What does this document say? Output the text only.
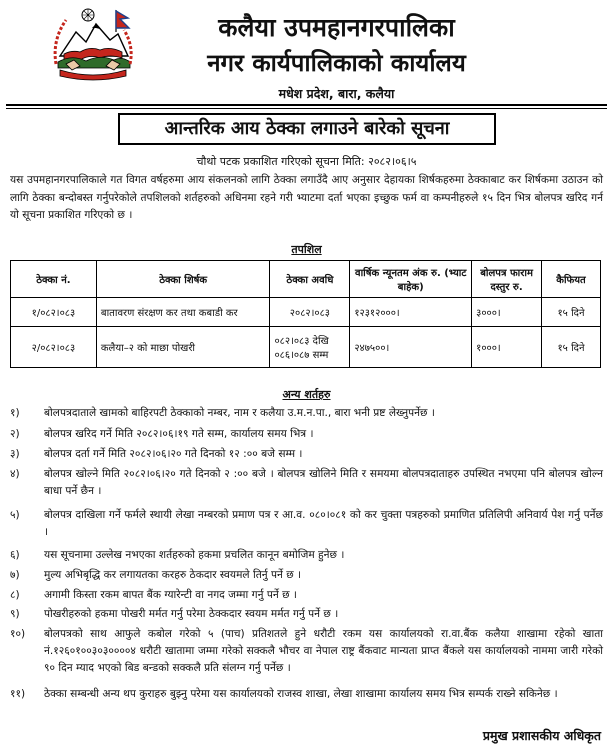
कलैया उपमहानगरपालिका
नगर कार्यपालिकाको कार्यालय
मधेश प्रदेश, बारा, कलैया
आन्तरिक आय ठेक्का लगाउने बारेको सूचना
चौथो पटक प्रकाशित गरिएको सूचना मिति: २०८२।०६।५
यस उपमहानगरपालिकाले गत विगत वर्षहरुमा आय संकलनको लागि ठेक्का लगाउँदै आए अनुसार देहायका शिर्षकहरुमा ठेक्काबाट कर शिर्षकमा उठाउन को लागि ठेक्का बन्दोबस्त गर्नुपरेकोले तपशिलको शर्तहरुको अधिनमा रहने गरी भ्याटमा दर्ता भएका इच्छुक फर्म वा कम्पनीहरुले १५ दिन भित्र बोलपत्र खरिद गर्न यो सूचना प्रकाशित गरिएको छ ।
तपशिल
ठेक्का नं.	ठेक्का शिर्षक	ठेक्का अवधि	वार्षिक न्यूनतम अंक रु. (भ्याट बाहेक)	बोलपत्र फाराम दस्तुर रु.	कैफियत
१/०८२।०८३	बातावरण संरक्षण कर तथा कबाडी कर	२०८२।०८३	१२३१२०००।	३०००।	१५ दिने
२/०८२।०८३	कलैया–२ को माछा पोखरी	०८२।०८३ देखि ०८६।०८७ सम्म	२४७५००।	१०००।	१५ दिने
अन्य शर्तहरु
१)	बोलपत्रदाताले खामको बाहिरपटी ठेक्काको नम्बर, नाम र कलैया उ.म.न.पा., बारा भनी प्रष्ट लेख्नुपर्नेछ ।
२)	बोलपत्र खरिद गर्ने मिति २०८२।०६।१९ गते सम्म, कार्यालय समय भित्र ।
३)	बोलपत्र दर्ता गर्ने मिति २०८२।०६।२० गते दिनको १२ :०० बजे सम्म ।
४)	बोलपत्र खोल्ने मिति २०८२।०६।२० गते दिनको २ :०० बजे । बोलपत्र खोलिने मिति र समयमा बोलपत्रदाताहरु उपस्थित नभएमा पनि बोलपत्र खोल्न बाधा पर्ने छैन ।
५)	बोलपत्र दाखिला गर्ने फर्मले स्थायी लेखा नम्बरको प्रमाण पत्र र आ.व. ०८०।०८१ को कर चुक्ता पत्रहरुको प्रमाणित प्रतिलिपी अनिवार्य पेश गर्नु पर्नेछ ।
६)	यस सूचनामा उल्लेख नभएका शर्तहरुको हकमा प्रचलित कानून बमोजिम हुनेछ ।
७)	मुल्य अभिबृद्धि कर लगायतका करहरु ठेकदार स्वयमले तिर्नु पर्ने छ ।
८)	अगामी किस्ता रकम बापत बैंक ग्यारेन्टी वा नगद जम्मा गर्नु पर्ने छ ।
९)	पोखरीहरुको हकमा पोखरी मर्मत गर्नु परेमा ठेक्कदार स्वयम मर्मत गर्नु पर्ने छ ।
१०)	बोलपत्रको साथ आफुले कबोल गरेको ५ (पाच) प्रतिशतले हुने धरौटी रकम यस कार्यालयको रा.वा.बैंक कलैया शाखामा रहेको खाता नं.१२६०१००३०३००००४ धरौटी खातामा जम्मा गरेको सक्कलै भौचर वा नेपाल राष्ट्र बैंकवाट मान्यता प्राप्त बैंकले यस कार्यालयको नाममा जारी गरेको ९० दिन म्याद भएको बिड बन्डको सक्कलै प्रति संलग्न गर्नु पर्नेछ ।
११)	ठेक्का सम्बन्धी अन्य थप कुराहरु बुझ्नु परेमा यस कार्यालयको राजस्व शाखा, लेखा शाखामा कार्यालय समय भित्र सम्पर्क राख्ने सकिनेछ ।
प्रमुख प्रशासकीय अधिकृत
